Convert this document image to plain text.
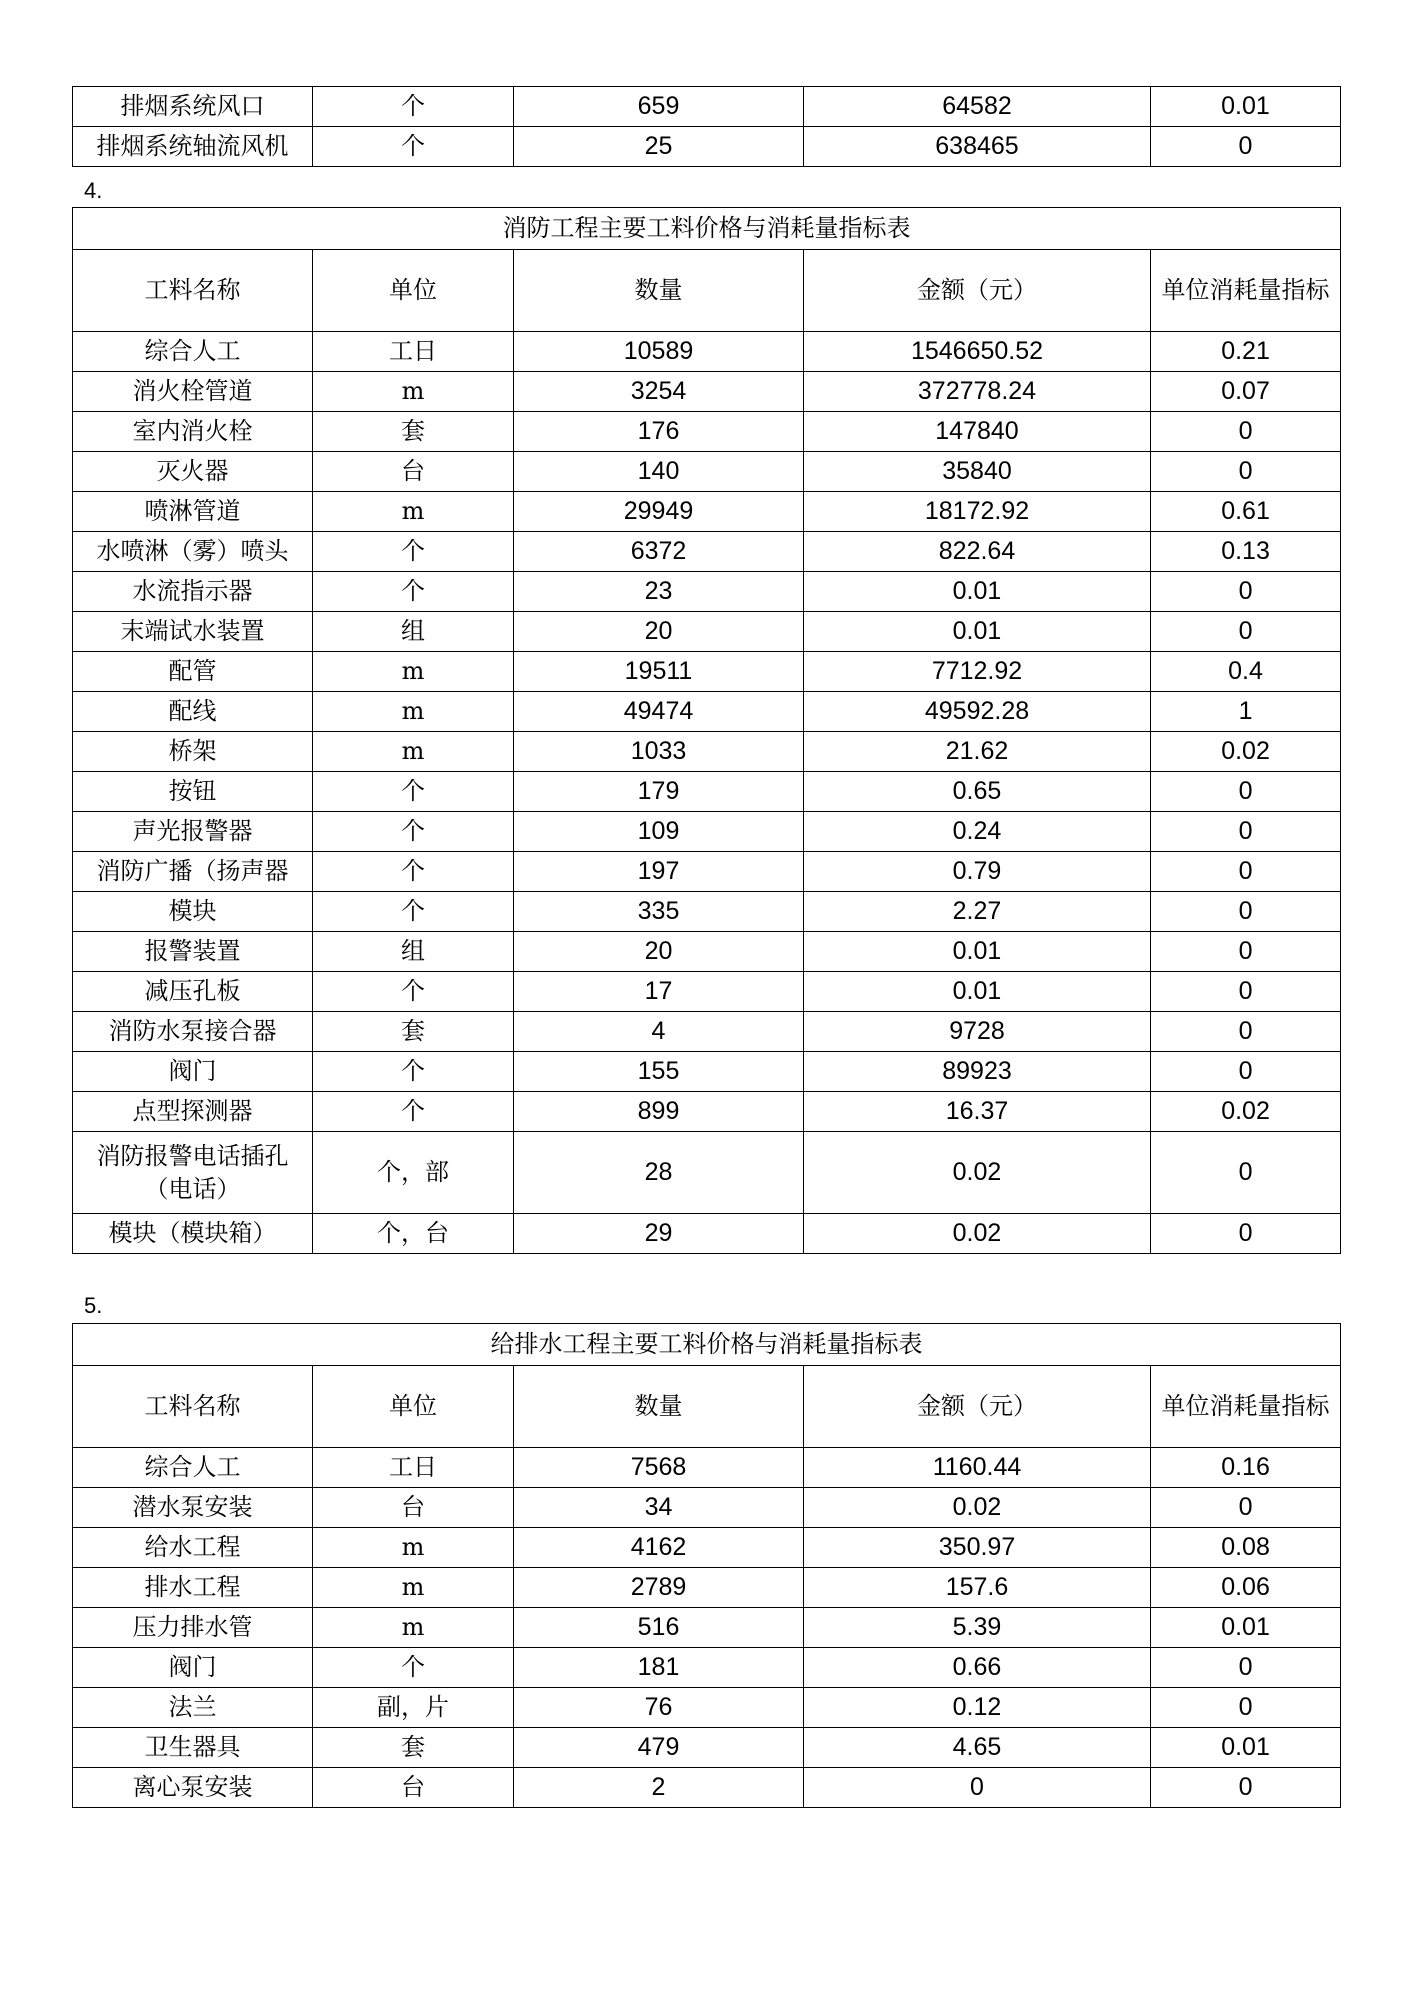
排烟系统风口	个	659	64582	0.01
排烟系统轴流风机	个	25	638465	0
4.
消防工程主要工料价格与消耗量指标表				
工料名称	单位	数量	金额（元）	单位消耗量指标
综合人工	工日	10589	1546650.52	0.21
消火栓管道	m	3254	372778.24	0.07
室内消火栓	套	176	147840	0
灭火器	台	140	35840	0
喷淋管道	m	29949	18172.92	0.61
水喷淋（雾）喷头	个	6372	822.64	0.13
水流指示器	个	23	0.01	0
末端试水装置	组	20	0.01	0
配管	m	19511	7712.92	0.4
配线	m	49474	49592.28	1
桥架	m	1033	21.62	0.02
按钮	个	179	0.65	0
声光报警器	个	109	0.24	0
消防广播（扬声器	个	197	0.79	0
模块	个	335	2.27	0
报警装置	组	20	0.01	0
减压孔板	个	17	0.01	0
消防水泵接合器	套	4	9728	0
阀门	个	155	89923	0
点型探测器	个	899	16.37	0.02
消防报警电话插孔（电话）	个，部	28	0.02	0
模块（模块箱）	个，台	29	0.02	0
5.
给排水工程主要工料价格与消耗量指标表				
工料名称	单位	数量	金额（元）	单位消耗量指标
综合人工	工日	7568	1160.44	0.16
潜水泵安装	台	34	0.02	0
给水工程	m	4162	350.97	0.08
排水工程	m	2789	157.6	0.06
压力排水管	m	516	5.39	0.01
阀门	个	181	0.66	0
法兰	副，片	76	0.12	0
卫生器具	套	479	4.65	0.01
离心泵安装	台	2	0	0
